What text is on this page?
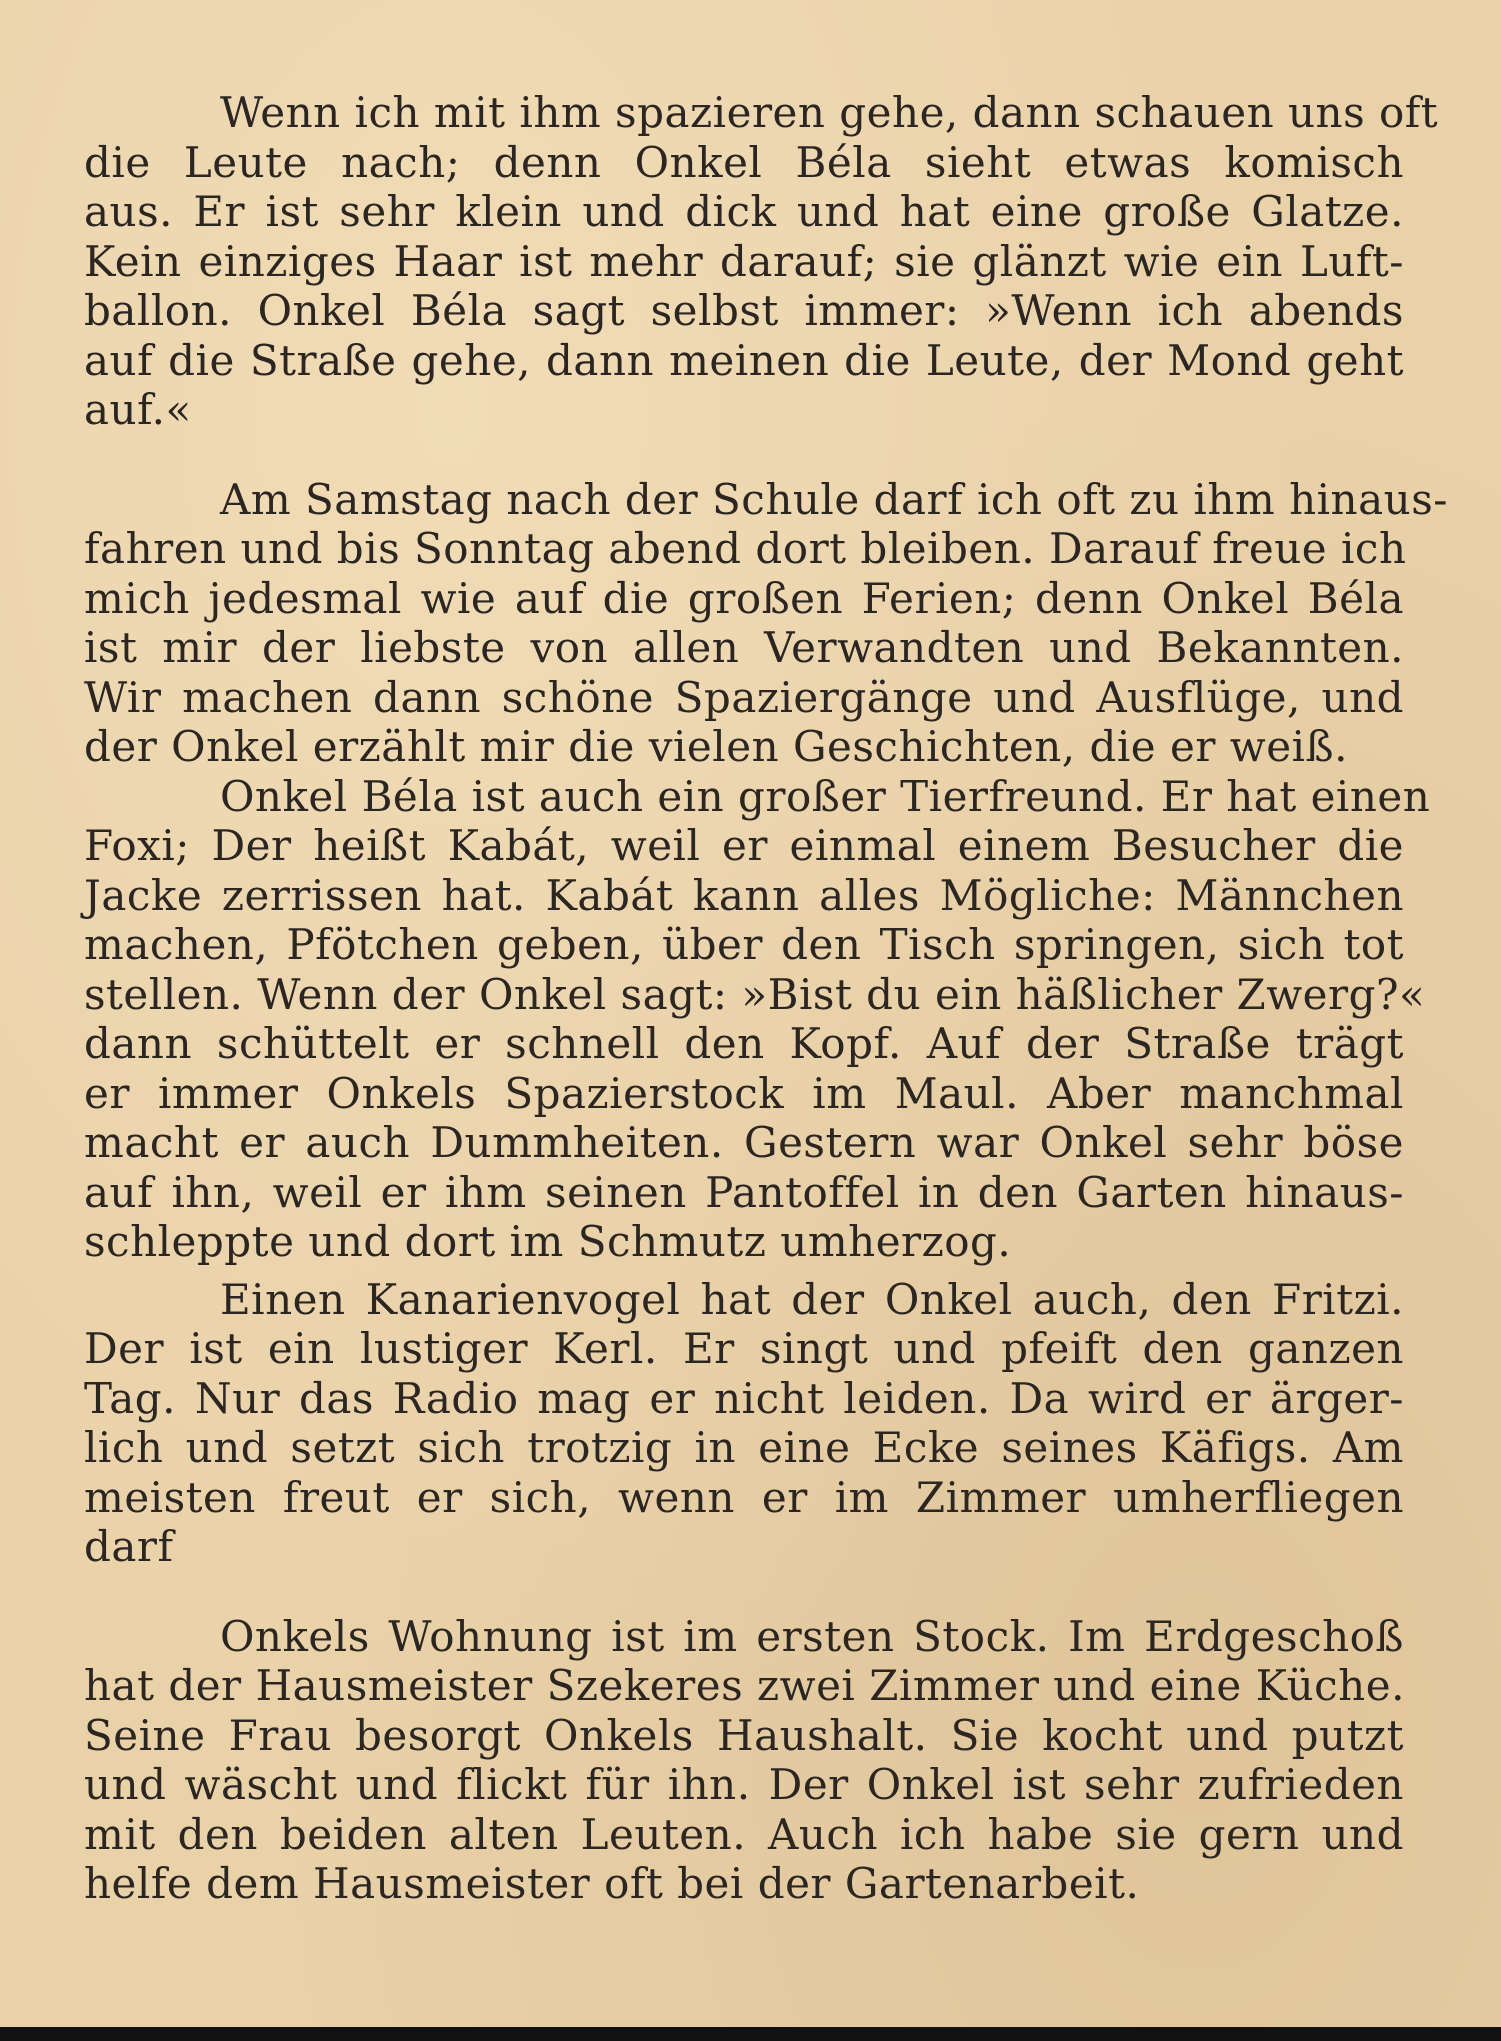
Wenn ich mit ihm spazieren gehe, dann schauen uns oft
die Leute nach; denn Onkel Béla sieht etwas komisch
aus. Er ist sehr klein und dick und hat eine große Glatze.
Kein einziges Haar ist mehr darauf; sie glänzt wie ein Luft-
ballon. Onkel Béla sagt selbst immer: »Wenn ich abends
auf die Straße gehe, dann meinen die Leute, der Mond geht
auf.«
Am Samstag nach der Schule darf ich oft zu ihm hinaus-
fahren und bis Sonntag abend dort bleiben. Darauf freue ich
mich jedesmal wie auf die großen Ferien; denn Onkel Béla
ist mir der liebste von allen Verwandten und Bekannten.
Wir machen dann schöne Spaziergänge und Ausflüge, und
der Onkel erzählt mir die vielen Geschichten, die er weiß.
Onkel Béla ist auch ein großer Tierfreund. Er hat einen
Foxi; Der heißt Kabát, weil er einmal einem Besucher die
Jacke zerrissen hat. Kabát kann alles Mögliche: Männchen
machen, Pfötchen geben, über den Tisch springen, sich tot
stellen. Wenn der Onkel sagt: »Bist du ein häßlicher Zwerg?«
dann schüttelt er schnell den Kopf. Auf der Straße trägt
er immer Onkels Spazierstock im Maul. Aber manchmal
macht er auch Dummheiten. Gestern war Onkel sehr böse
auf ihn, weil er ihm seinen Pantoffel in den Garten hinaus-
schleppte und dort im Schmutz umherzog.
Einen Kanarienvogel hat der Onkel auch, den Fritzi.
Der ist ein lustiger Kerl. Er singt und pfeift den ganzen
Tag. Nur das Radio mag er nicht leiden. Da wird er ärger-
lich und setzt sich trotzig in eine Ecke seines Käfigs. Am
meisten freut er sich, wenn er im Zimmer umherfliegen
darf
Onkels Wohnung ist im ersten Stock. Im Erdgeschoß
hat der Hausmeister Szekeres zwei Zimmer und eine Küche.
Seine Frau besorgt Onkels Haushalt. Sie kocht und putzt
und wäscht und flickt für ihn. Der Onkel ist sehr zufrieden
mit den beiden alten Leuten. Auch ich habe sie gern und
helfe dem Hausmeister oft bei der Gartenarbeit.
